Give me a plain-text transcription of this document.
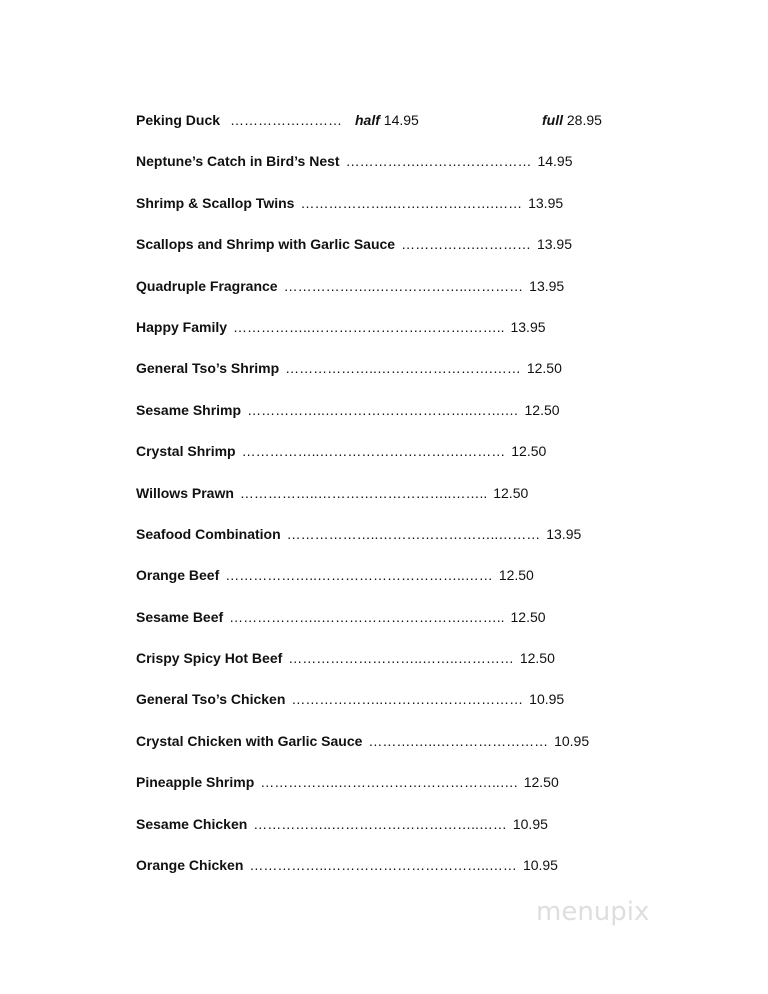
Peking Duck …………………… half 14.95	full 28.95
Neptune’s Catch in Bird’s Nest …………….…………………… 14.95
Shrimp & Scallop Twins ………………..………………….…… 13.95
Scallops and Shrimp with Garlic Sauce …………….………… 13.95
Quadruple Fragrance ………………..………………..………… 13.95
Happy Family ……………..…………………………….…….. 13.95
General Tso’s Shrimp ………………..…………………….…… 12.50
Sesame Shrimp ……………..…………………………..…….… 12.50
Crystal Shrimp ……………..………………………….……… 12.50
Willows Prawn ……………..………………………..…….. 12.50
Seafood Combination ………………..……………………..……… 13.95
Orange Beef ………………..…………………………..…… 12.50
Sesame Beef ………………..…………………………..…….. 12.50
Crispy Spicy Hot Beef ………………………..……..………… 12.50
General Tso’s Chicken ………………..………………………… 10.95
Crystal Chicken with Garlic Sauce ……….…..…………………… 10.95
Pineapple Shrimp ……………..……………………………..…. 12.50
Sesame Chicken ……………..…………………………..…… 10.95
Orange Chicken ……………..……………………………..…… 10.95
menupix
